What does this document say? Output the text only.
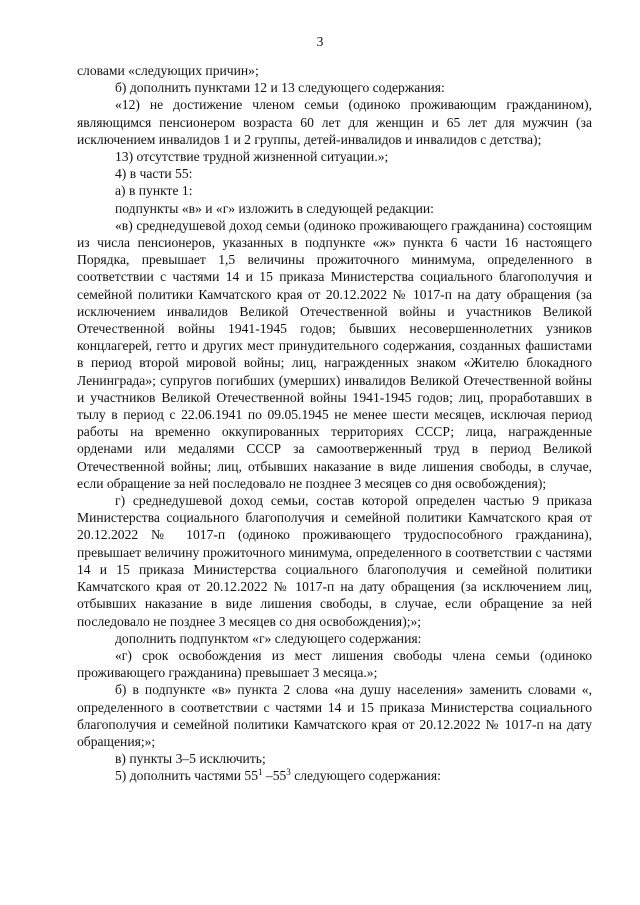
3

словами «следующих причин»;

б) дополнить пунктами 12 и 13 следующего содержания:

«12) не достижение членом семьи (одиноко проживающим гражданином), являющимся пенсионером возраста 60 лет для женщин и 65 лет для мужчин (за исключением инвалидов 1 и 2 группы, детей-инвалидов и инвалидов с детства);

13) отсутствие трудной жизненной ситуации.»;

4) в части 55:

а) в пункте 1:

подпункты «в» и «г» изложить в следующей редакции:

«в) среднедушевой доход семьи (одиноко проживающего гражданина) состоящим из числа пенсионеров, указанных в подпункте «ж» пункта 6 части 16 настоящего Порядка, превышает 1,5 величины прожиточного минимума, определенного в соответствии с частями 14 и 15 приказа Министерства социального благополучия и семейной политики Камчатского края от 20.12.2022 № 1017-п на дату обращения (за исключением инвалидов Великой Отечественной войны и участников Великой Отечественной войны 1941-1945 годов; бывших несовершеннолетних узников концлагерей, гетто и других мест принудительного содержания, созданных фашистами в период второй мировой войны; лиц, награжденных знаком «Жителю блокадного Ленинграда»; супругов погибших (умерших) инвалидов Великой Отечественной войны и участников Великой Отечественной войны 1941-1945 годов; лиц, проработавших в тылу в период с 22.06.1941 по 09.05.1945 не менее шести месяцев, исключая период работы на временно оккупированных территориях СССР; лица, награжденные орденами или медалями СССР за самоотверженный труд в период Великой Отечественной войны; лиц, отбывших наказание в виде лишения свободы, в случае, если обращение за ней последовало не позднее 3 месяцев со дня освобождения);

г) среднедушевой доход семьи, состав которой определен частью 9 приказа Министерства социального благополучия и семейной политики Камчатского края от 20.12.2022 № 1017-п (одиноко проживающего трудоспособного гражданина), превышает величину прожиточного минимума, определенного в соответствии с частями 14 и 15 приказа Министерства социального благополучия и семейной политики Камчатского края от 20.12.2022 № 1017-п на дату обращения (за исключением лиц, отбывших наказание в виде лишения свободы, в случае, если обращение за ней последовало не позднее 3 месяцев со дня освобождения);»;

дополнить подпунктом «г» следующего содержания:

«г) срок освобождения из мест лишения свободы члена семьи (одиноко проживающего гражданина) превышает 3 месяца.»;

б) в подпункте «в» пункта 2 слова «на душу населения» заменить словами «, определенного в соответствии с частями 14 и 15 приказа Министерства социального благополучия и семейной политики Камчатского края от 20.12.2022 № 1017-п на дату обращения;»;

в) пункты 3–5 исключить;

5) дополнить частями $55^1$ $-55^3$ следующего содержания:
